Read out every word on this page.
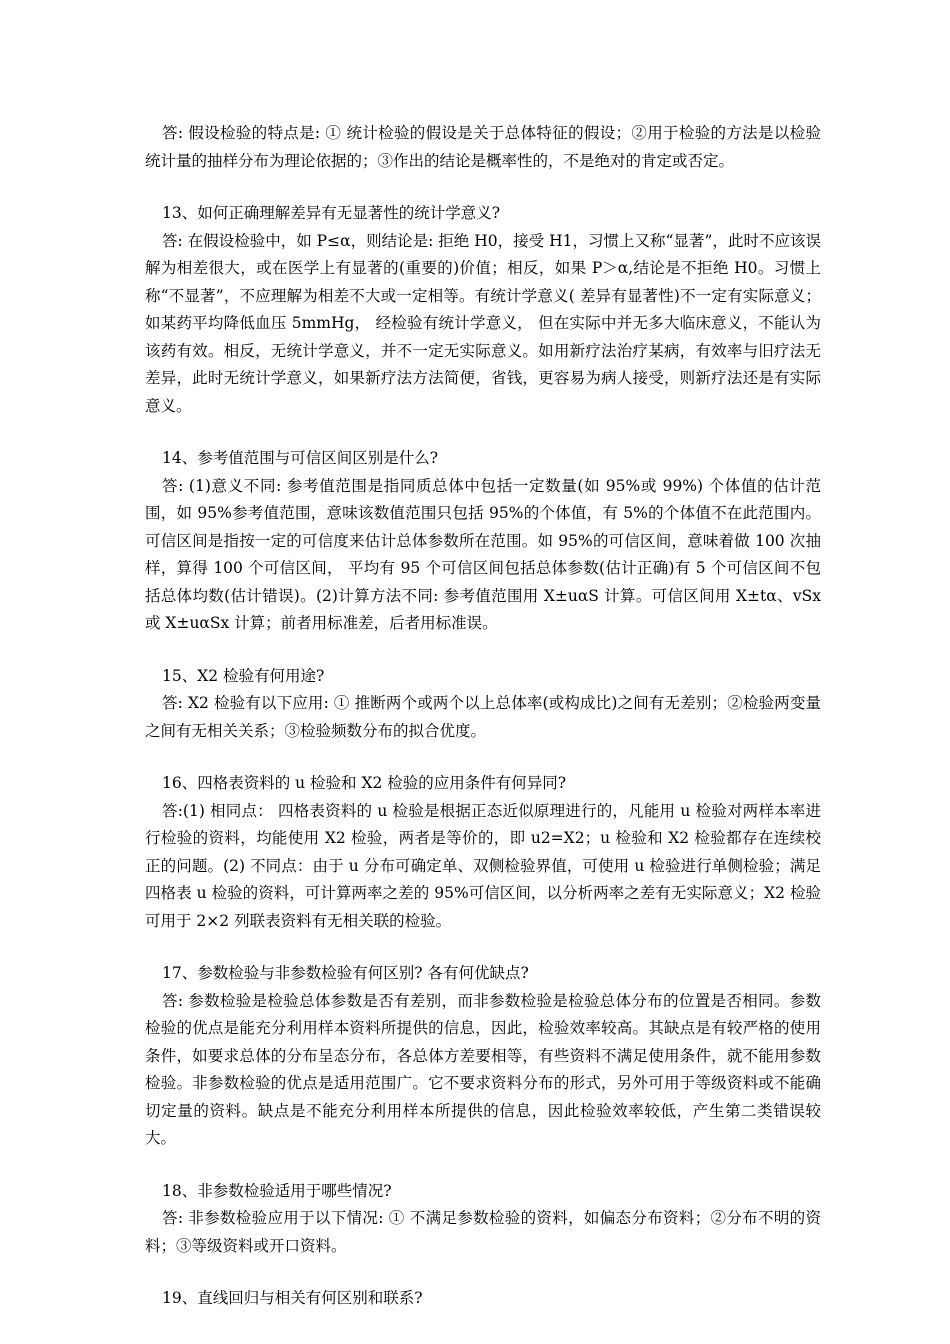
答: 假设检验的特点是: ① 统计检验的假设是关于总体特征的假设；②用于检验的方法是以检验统计量的抽样分布为理论依据的；③作出的结论是概率性的，不是绝对的肯定或否定。

13、如何正确理解差异有无显著性的统计学意义?

答: 在假设检验中，如 P≤α，则结论是: 拒绝 H0，接受 H1，习惯上又称“显著”，此时不应该误解为相差很大，或在医学上有显著的(重要的)价值；相反，如果 P＞α,结论是不拒绝 H0。习惯上称“不显著”，不应理解为相差不大或一定相等。有统计学意义( 差异有显著性)不一定有实际意义；如某药平均降低血压 5mmHg， 经检验有统计学意义， 但在实际中并无多大临床意义，不能认为该药有效。相反，无统计学意义，并不一定无实际意义。如用新疗法治疗某病，有效率与旧疗法无差异，此时无统计学意义，如果新疗法方法简便，省钱，更容易为病人接受，则新疗法还是有实际意义。

14、参考值范围与可信区间区别是什么?

答: (1)意义不同: 参考值范围是指同质总体中包括一定数量(如 95%或 99%) 个体值的估计范围，如 95%参考值范围，意味该数值范围只包括 95%的个体值，有 5%的个体值不在此范围内。可信区间是指按一定的可信度来估计总体参数所在范围。如 95%的可信区间，意味着做 100 次抽样，算得 100 个可信区间， 平均有 95 个可信区间包括总体参数(估计正确)有 5 个可信区间不包括总体均数(估计错误)。(2)计算方法不同: 参考值范围用 X±uαS 计算。可信区间用 X±tα、vSx 或 X±uαSx 计算；前者用标准差，后者用标准误。

15、X2 检验有何用途?

答: X2 检验有以下应用: ① 推断两个或两个以上总体率(或构成比)之间有无差别；②检验两变量之间有无相关关系；③检验频数分布的拟合优度。

16、四格表资料的 u 检验和 X2 检验的应用条件有何异同?

答:(1) 相同点： 四格表资料的 u 检验是根据正态近似原理进行的，凡能用 u 检验对两样本率进行检验的资料，均能使用 X2 检验，两者是等价的，即 u2=X2；u 检验和 X2 检验都存在连续校正的问题。(2) 不同点：由于 u 分布可确定单、双侧检验界值，可使用 u 检验进行单侧检验；满足四格表 u 检验的资料，可计算两率之差的 95%可信区间，以分析两率之差有无实际意义；X2 检验可用于 2×2 列联表资料有无相关联的检验。

17、参数检验与非参数检验有何区别? 各有何优缺点?

答: 参数检验是检验总体参数是否有差别，而非参数检验是检验总体分布的位置是否相同。参数检验的优点是能充分利用样本资料所提供的信息，因此，检验效率较高。其缺点是有较严格的使用条件，如要求总体的分布呈态分布，各总体方差要相等，有些资料不满足使用条件，就不能用参数检验。非参数检验的优点是适用范围广。它不要求资料分布的形式，另外可用于等级资料或不能确切定量的资料。缺点是不能充分利用样本所提供的信息，因此检验效率较低，产生第二类错误较大。

18、非参数检验适用于哪些情况?

答: 非参数检验应用于以下情况: ① 不满足参数检验的资料，如偏态分布资料；②分布不明的资料；③等级资料或开口资料。

19、直线回归与相关有何区别和联系?
